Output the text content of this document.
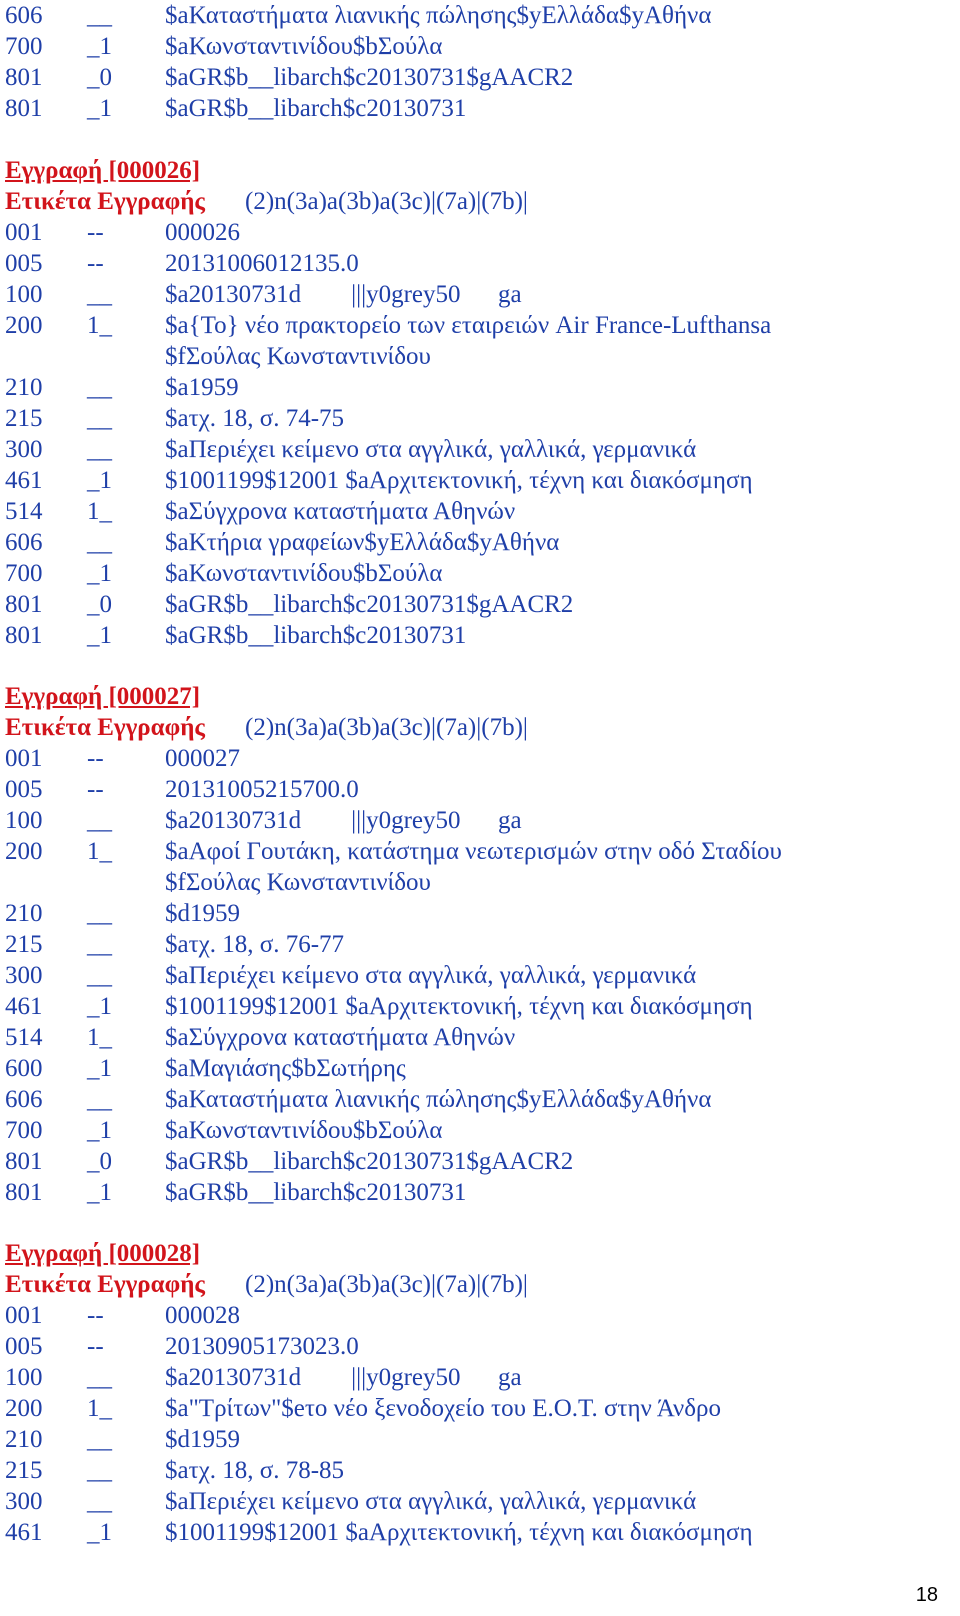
606 __ $aΚαταστήματα λιανικής πώλησης$yΕλλάδα$yΑθήνα
700 _1 $aΚωνσταντινίδου$bΣούλα
801 _0 $aGR$b__libarch$c20130731$gAACR2
801 _1 $aGR$b__libarch$c20130731
Εγγραφή [000026]
Ετικέτα Εγγραφής (2)n(3a)a(3b)a(3c)|(7a)|(7b)|
001 -- 000026
005 -- 20131006012135.0
100 __ $a20130731d        |||y0grey50      ga
200 1_ $a{Το} νέο πρακτορείο των εταιρειών Air France-Lufthansa
$fΣούλας Κωνσταντινίδου
210 __ $a1959
215 __ $aτχ. 18, σ. 74-75
300 __ $aΠεριέχει κείμενο στα αγγλικά, γαλλικά, γερμανικά
461 _1 $1001199$12001 $aΑρχιτεκτονική, τέχνη και διακόσμηση
514 1_ $aΣύγχρονα καταστήματα Αθηνών
606 __ $aΚτήρια γραφείων$yΕλλάδα$yΑθήνα
700 _1 $aΚωνσταντινίδου$bΣούλα
801 _0 $aGR$b__libarch$c20130731$gAACR2
801 _1 $aGR$b__libarch$c20130731
Εγγραφή [000027]
Ετικέτα Εγγραφής (2)n(3a)a(3b)a(3c)|(7a)|(7b)|
001 -- 000027
005 -- 20131005215700.0
100 __ $a20130731d        |||y0grey50      ga
200 1_ $aΑφοί Γουτάκη, κατάστημα νεωτερισμών στην οδό Σταδίου
$fΣούλας Κωνσταντινίδου
210 __ $d1959
215 __ $aτχ. 18, σ. 76-77
300 __ $aΠεριέχει κείμενο στα αγγλικά, γαλλικά, γερμανικά
461 _1 $1001199$12001 $aΑρχιτεκτονική, τέχνη και διακόσμηση
514 1_ $aΣύγχρονα καταστήματα Αθηνών
600 _1 $aΜαγιάσης$bΣωτήρης
606 __ $aΚαταστήματα λιανικής πώλησης$yΕλλάδα$yΑθήνα
700 _1 $aΚωνσταντινίδου$bΣούλα
801 _0 $aGR$b__libarch$c20130731$gAACR2
801 _1 $aGR$b__libarch$c20130731
Εγγραφή [000028]
Ετικέτα Εγγραφής (2)n(3a)a(3b)a(3c)|(7a)|(7b)|
001 -- 000028
005 -- 20130905173023.0
100 __ $a20130731d        |||y0grey50      ga
200 1_ $a"Τρίτων"$eτο νέο ξενοδοχείο του Ε.Ο.Τ. στην Άνδρο
210 __ $d1959
215 __ $aτχ. 18, σ. 78-85
300 __ $aΠεριέχει κείμενο στα αγγλικά, γαλλικά, γερμανικά
461 _1 $1001199$12001 $aΑρχιτεκτονική, τέχνη και διακόσμηση
18
